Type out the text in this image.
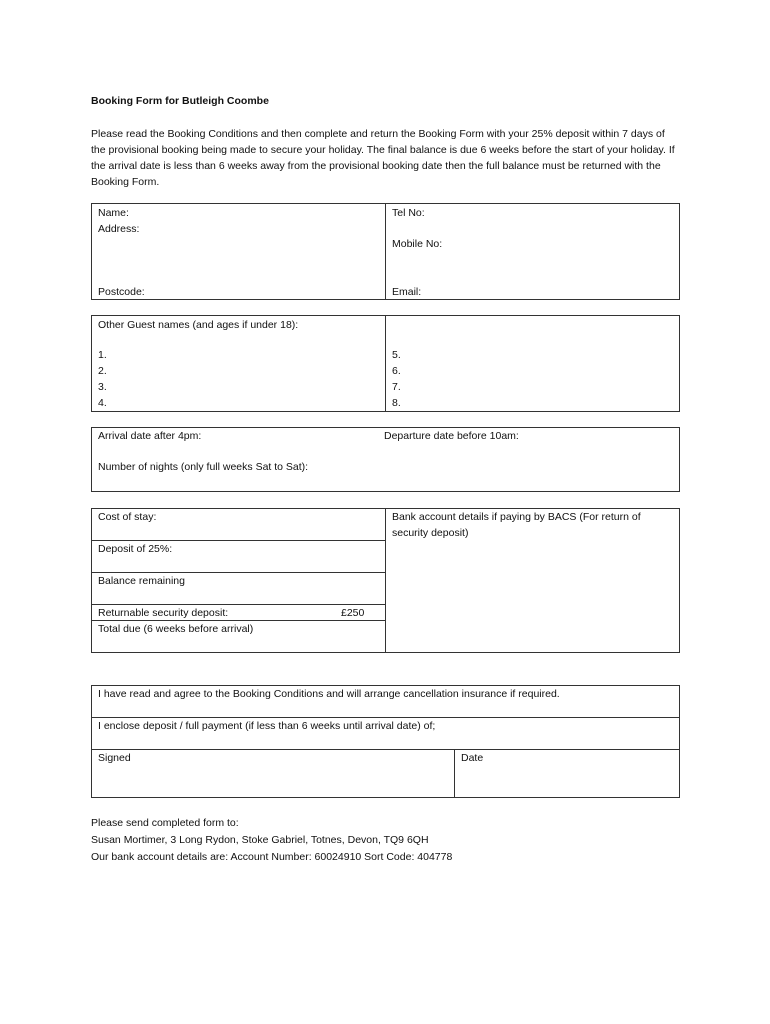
Booking Form for Butleigh Coombe
Please read the Booking Conditions and then complete and return the Booking Form with your 25% deposit within 7 days of the provisional booking being made to secure your holiday. The final balance is due 6 weeks before the start of your holiday. If the arrival date is less than 6 weeks away from the provisional booking date then the full balance must be returned with the Booking Form.
Name:
Address:
Postcode:
Tel No:
Mobile No:
Email:
Other Guest names (and ages if under 18):
1.
2.
3.
4.
5.
6.
7.
8.
Arrival date after 4pm:	Departure date before 10am:
Number of nights (only full weeks Sat to Sat):
Cost of stay:
Deposit of 25%:
Balance remaining
Returnable security deposit:	£250
Total due (6 weeks before arrival)
Bank account details if paying by BACS (For return of
security deposit)
I have read and agree to the Booking Conditions and will arrange cancellation insurance if required.
I enclose deposit / full payment (if less than 6 weeks until arrival date) of;
Signed	Date
Please send completed form to:
Susan Mortimer, 3 Long Rydon, Stoke Gabriel, Totnes, Devon, TQ9 6QH
Our bank account details are: Account Number: 60024910 Sort Code: 404778
